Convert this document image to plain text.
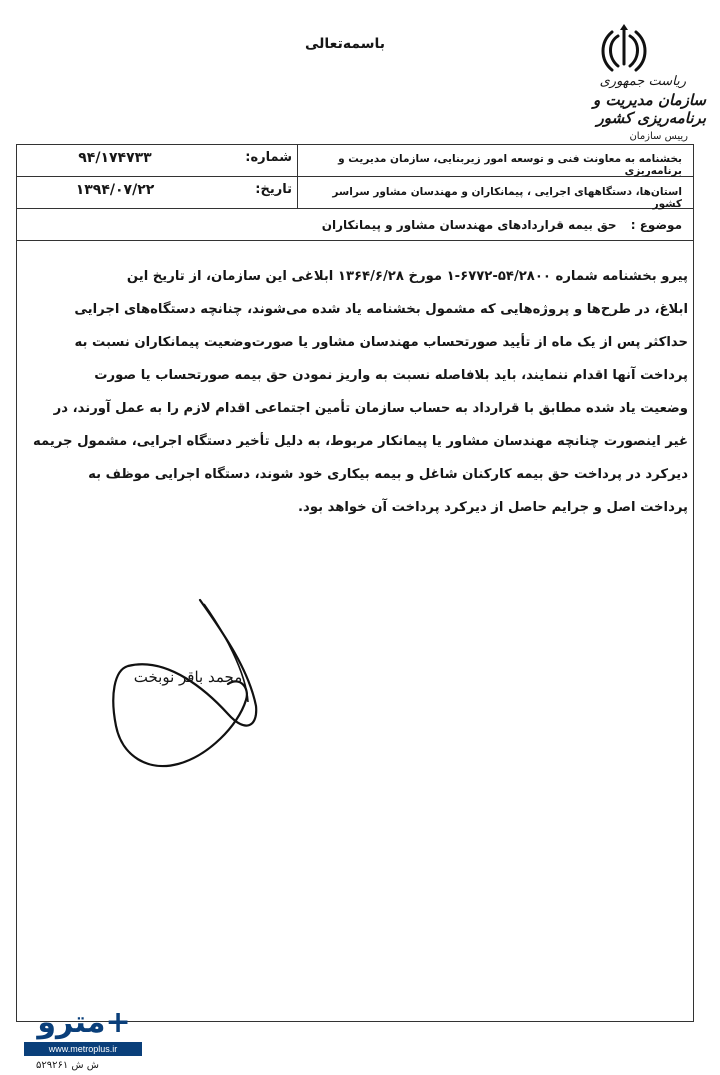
باسمه‌تعالی
ریاست جمهوری
سازمان مدیریت و برنامه‌ریزی کشور
رییس سازمان
بخشنامه به معاونت فنی و توسعه امور زیربنایی، سازمان مدیریت و برنامه‌ریزی
استان‌ها، دستگاههای اجرایی ، پیمانکاران و مهندسان مشاور سراسر کشور
شماره:
۹۴/۱۷۴۷۳۳
تاریخ:
۱۳۹۴/۰۷/۲۲
موضوع : حق بیمه قراردادهای مهندسان مشاور و پیمانکاران
پیرو بخشنامه شماره ۵۴/۲۸۰۰-۶۷۷۲-۱ مورخ ۱۳۶۴/۶/۲۸ ابلاغی این سازمان، از تاریخ این
ابلاغ، در طرح‌ها و پروژه‌هایی که مشمول بخشنامه یاد شده می‌شوند، چنانچه دستگاه‌های اجرایی
حداکثر پس از یک ماه از تأیید صورتحساب مهندسان مشاور یا صورت‌وضعیت پیمانکاران نسبت به
پرداخت آنها اقدام ننمایند، باید بلافاصله نسبت به واریز نمودن حق بیمه صورتحساب یا صورت
وضعیت یاد شده مطابق با قرارداد به حساب سازمان تأمین اجتماعی اقدام لازم را به عمل آورند، در
غیر اینصورت چنانچه مهندسان مشاور یا پیمانکار مربوط، به دلیل تأخیر دستگاه اجرایی، مشمول جریمه
دیرکرد در پرداخت حق بیمه کارکنان شاغل و بیمه بیکاری خود شوند، دستگاه اجرایی موظف به
پرداخت اصل و جرایم حاصل از دیرکرد پرداخت آن خواهد بود.
محمد باقر نوبخت
مترو+
www.metroplus.ir
ش ش ۵۲۹۲۶۱
